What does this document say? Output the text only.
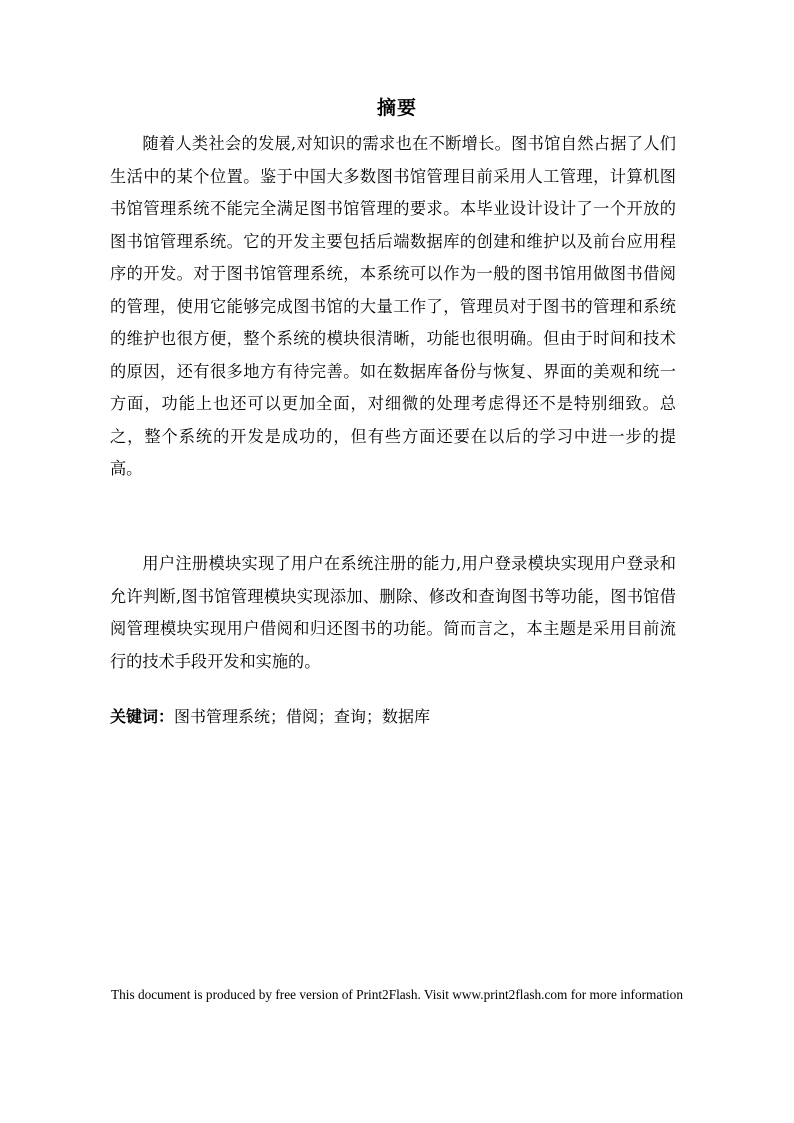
摘要

随着人类社会的发展,对知识的需求也在不断增长。图书馆自然占据了人们生活中的某个位置。鉴于中国大多数图书馆管理目前采用人工管理，计算机图书馆管理系统不能完全满足图书馆管理的要求。本毕业设计设计了一个开放的图书馆管理系统。它的开发主要包括后端数据库的创建和维护以及前台应用程序的开发。对于图书馆管理系统，本系统可以作为一般的图书馆用做图书借阅的管理，使用它能够完成图书馆的大量工作了，管理员对于图书的管理和系统的维护也很方便，整个系统的模块很清晰，功能也很明确。但由于时间和技术的原因，还有很多地方有待完善。如在数据库备份与恢复、界面的美观和统一方面，功能上也还可以更加全面，对细微的处理考虑得还不是特别细致。总之，整个系统的开发是成功的，但有些方面还要在以后的学习中进一步的提高。

用户注册模块实现了用户在系统注册的能力,用户登录模块实现用户登录和允许判断,图书馆管理模块实现添加、删除、修改和查询图书等功能，图书馆借阅管理模块实现用户借阅和归还图书的功能。简而言之，本主题是采用目前流行的技术手段开发和实施的。

关键词：图书管理系统；借阅；查询；数据库
This document is produced by free version of Print2Flash. Visit www.print2flash.com for more information
